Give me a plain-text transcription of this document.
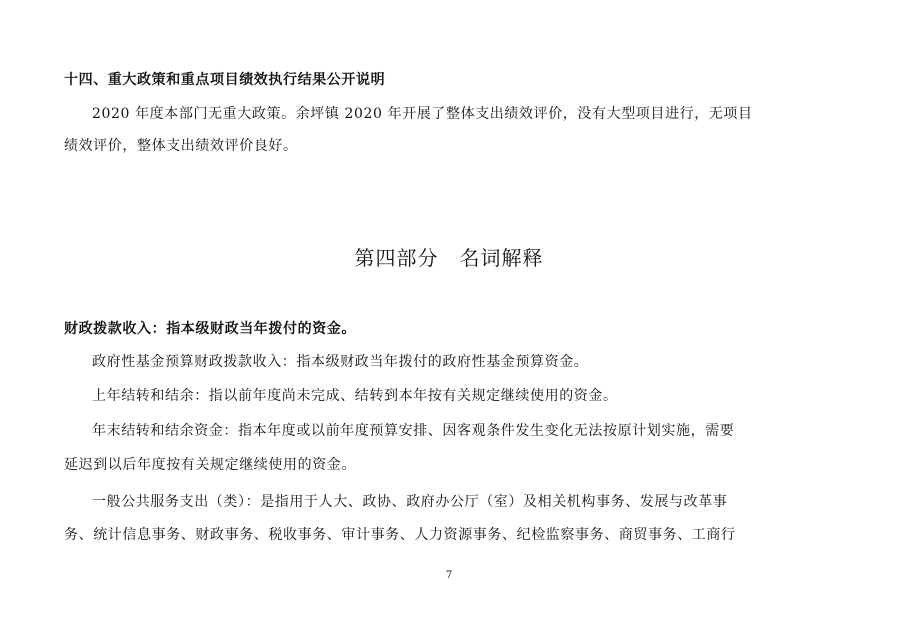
十四、重大政策和重点项目绩效执行结果公开说明
2020 年度本部门无重大政策。余坪镇 2020 年开展了整体支出绩效评价，没有大型项目进行，无项目
绩效评价，整体支出绩效评价良好。
第四部分　名词解释
财政拨款收入：指本级财政当年拨付的资金。
政府性基金预算财政拨款收入：指本级财政当年拨付的政府性基金预算资金。
上年结转和结余：指以前年度尚未完成、结转到本年按有关规定继续使用的资金。
年末结转和结余资金：指本年度或以前年度预算安排、因客观条件发生变化无法按原计划实施，需要
延迟到以后年度按有关规定继续使用的资金。
一般公共服务支出（类）：是指用于人大、政协、政府办公厅（室）及相关机构事务、发展与改革事
务、统计信息事务、财政事务、税收事务、审计事务、人力资源事务、纪检监察事务、商贸事务、工商行
7
